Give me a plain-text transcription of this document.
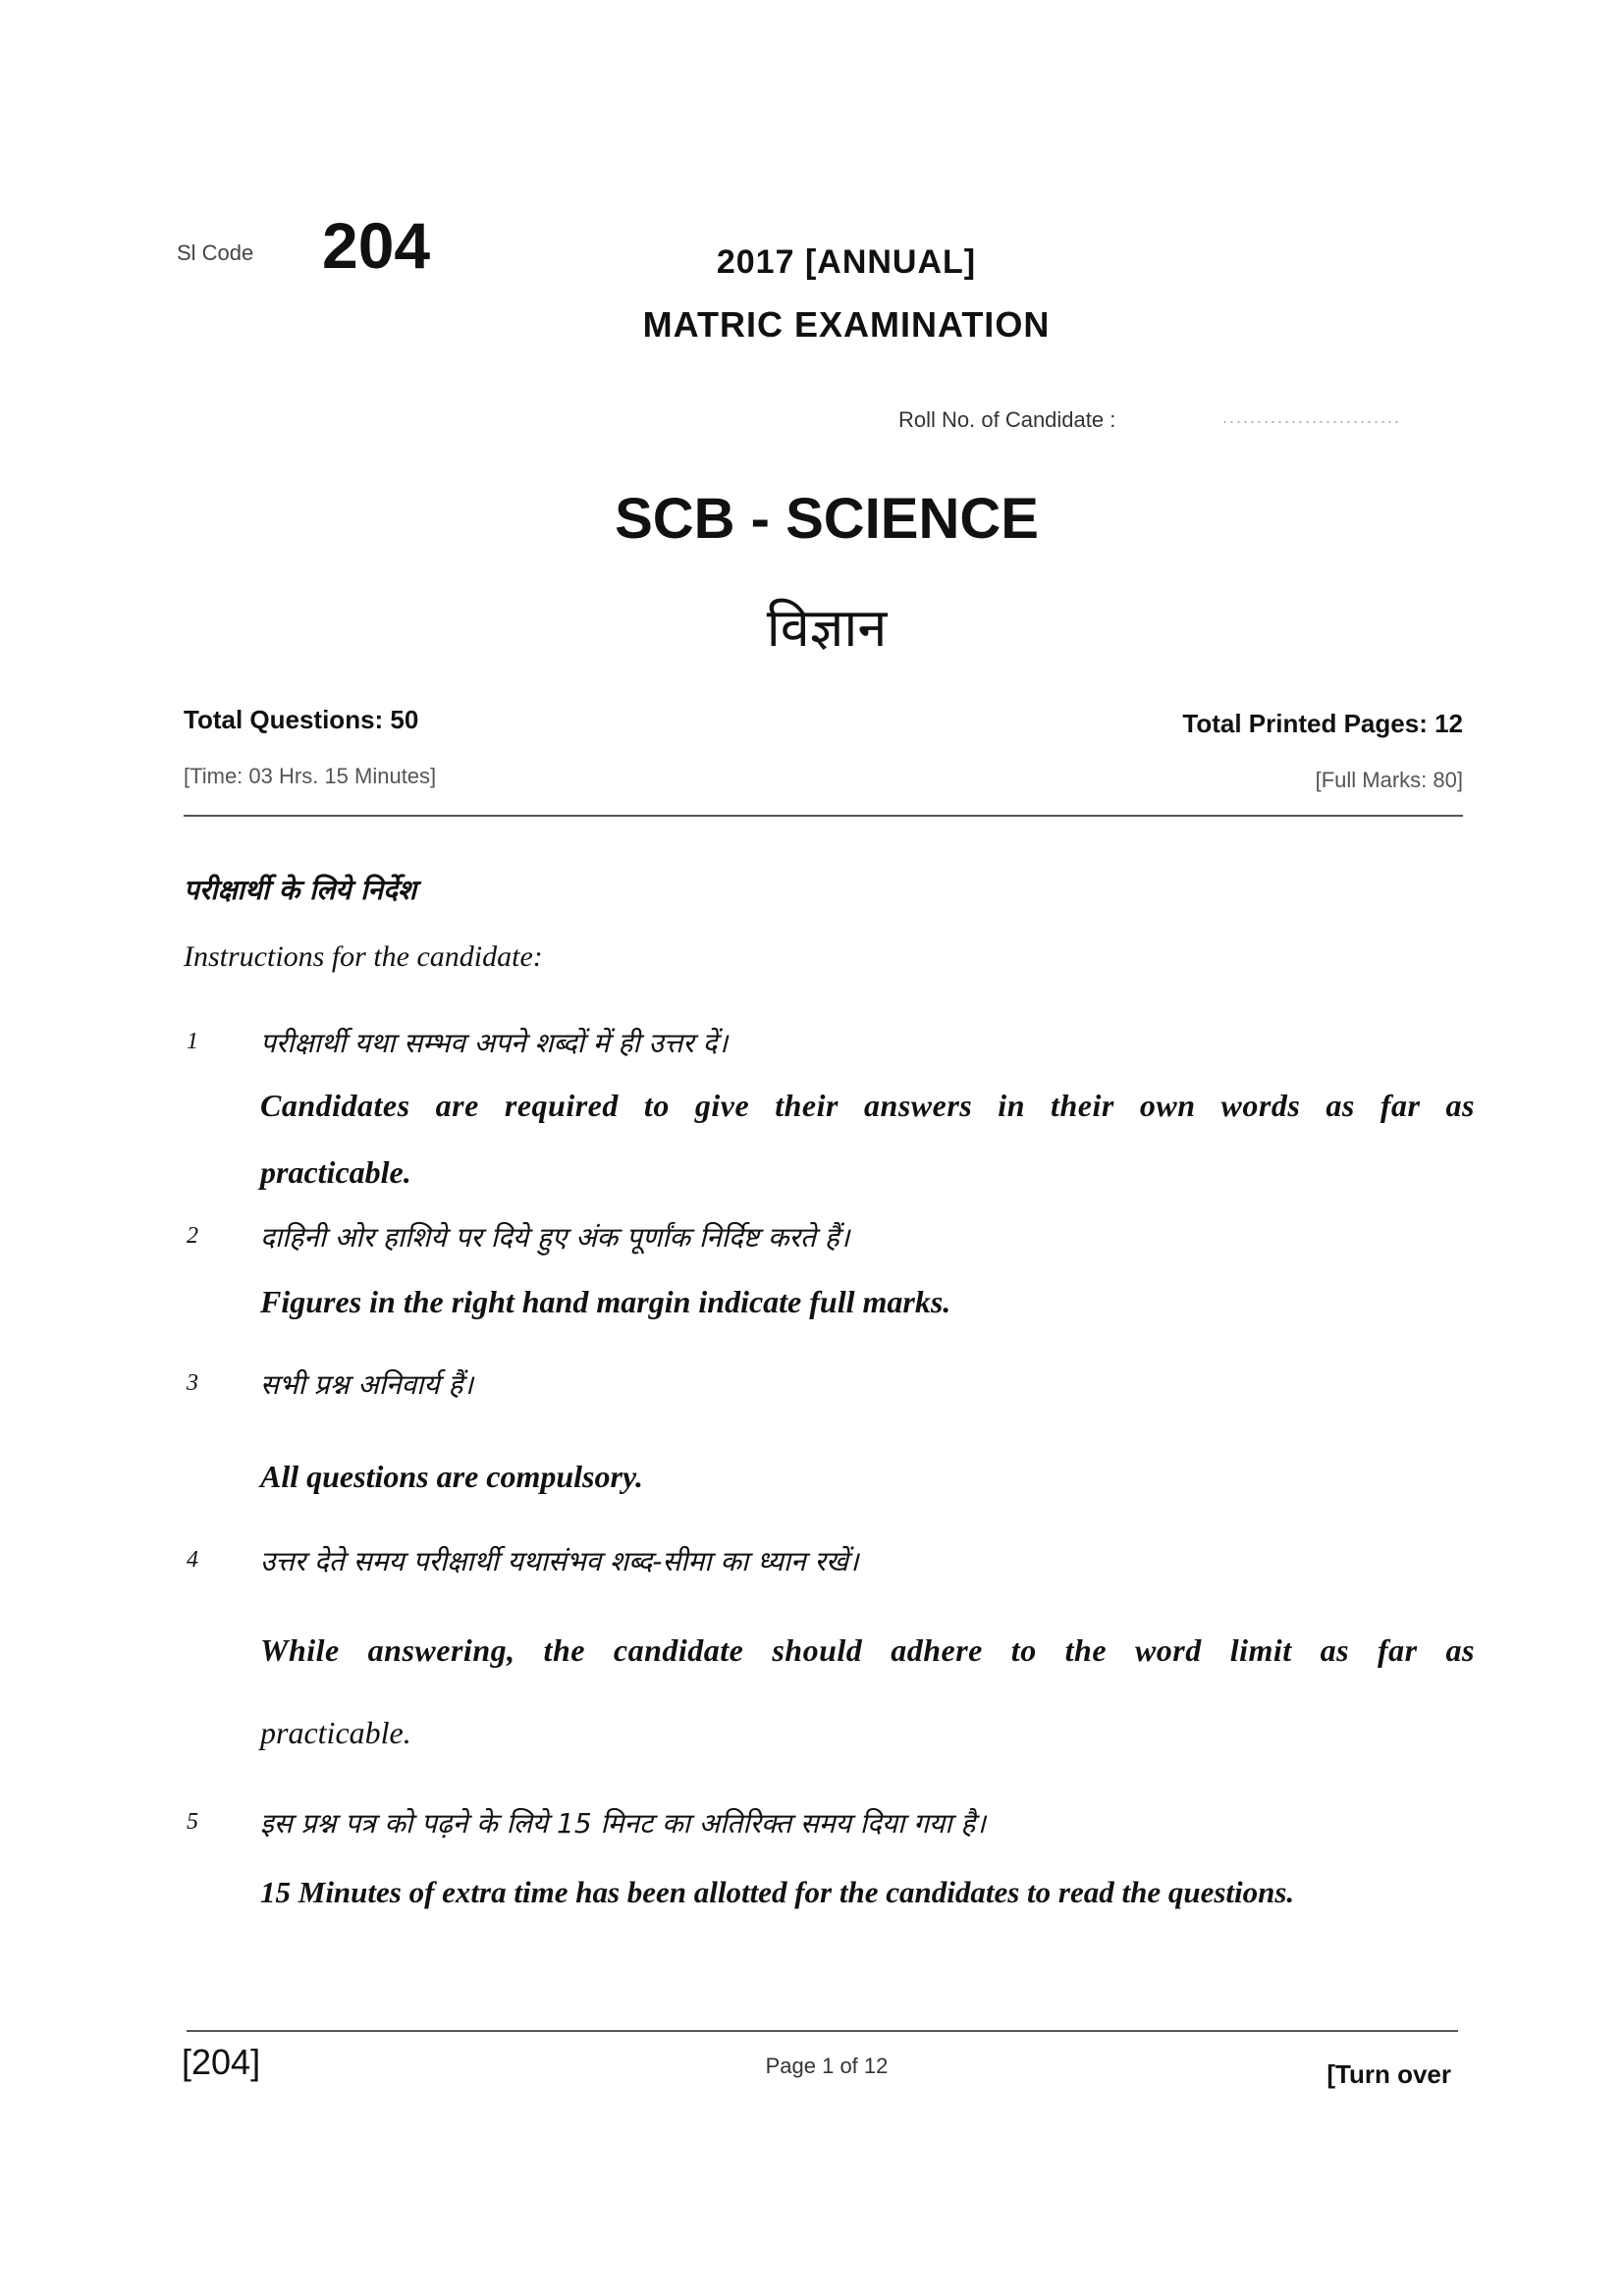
Sl Code 204	2017 [ANNUAL]
MATRIC EXAMINATION
Roll No. of Candidate :	..........................
SCB - SCIENCE
विज्ञान
Total Questions: 50	Total Printed Pages: 12
[Time: 03 Hrs. 15 Minutes]	[Full Marks: 80]
परीक्षार्थी के लिये निर्देश
Instructions for the candidate:
1 परीक्षार्थी यथा सम्भव अपने शब्दों में ही उत्तर दें।
Candidates are required to give their answers in their own words as far as
practicable.
2 दाहिनी ओर हाशिये पर दिये हुए अंक पूर्णांक निर्दिष्ट करते हैं।
Figures in the right hand margin indicate full marks.
3 सभी प्रश्न अनिवार्य हैं।
All questions are compulsory.
4 उत्तर देते समय परीक्षार्थी यथासंभव शब्द-सीमा का ध्यान रखें।
While answering, the candidate should adhere to the word limit as far as
practicable.
5 इस प्रश्न पत्र को पढ़ने के लिये 15 मिनट का अतिरिक्त समय दिया गया है।
15 Minutes of extra time has been allotted for the candidates to read the questions.
[204]	Page 1 of 12	[Turn over
